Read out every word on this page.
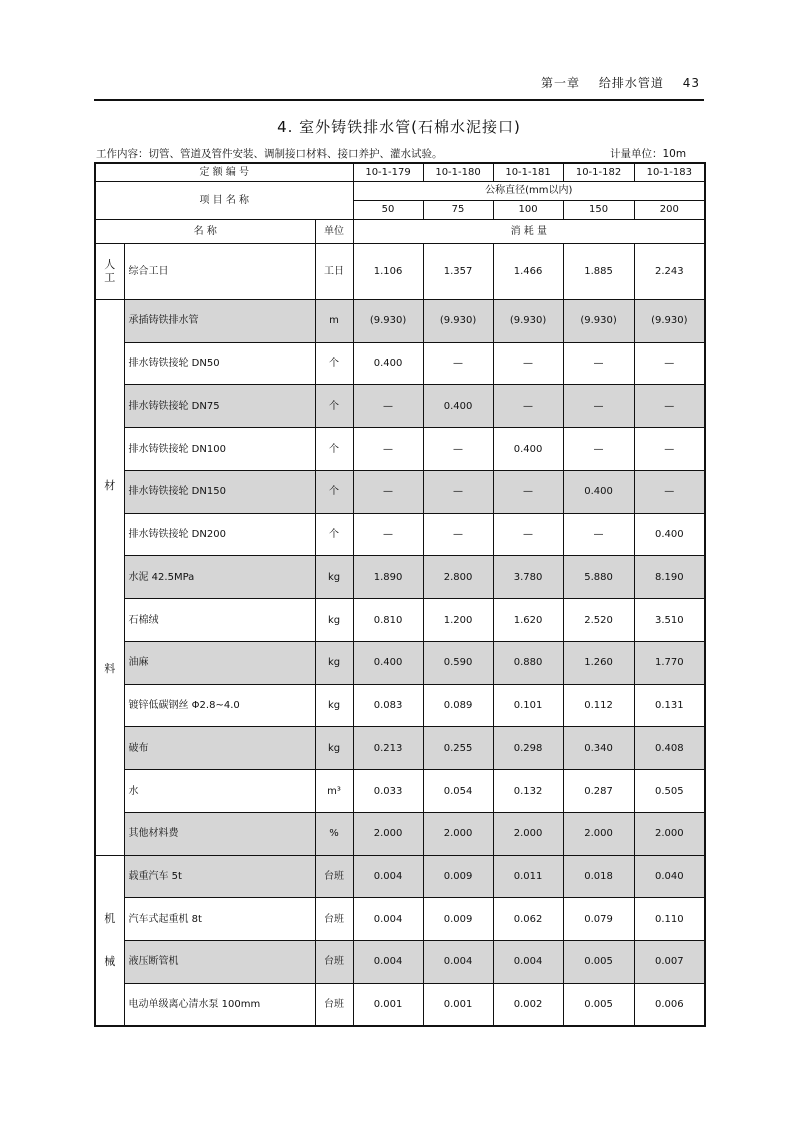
第一章 给排水管道 43
4. 室外铸铁排水管(石棉水泥接口)
工作内容：切管、管道及管件安装、调制接口材料、接口养护、灌水试验。	计量单位：10m
定 额 编 号			10-1-179	10-1-180	10-1-181	10-1-182	10-1-183
项 目 名 称			公称直径(mm以内)				
			50	75	100	150	200
名 称		单位	消 耗 量				

人
工	综合工日	工日	1.106	1.357	1.466	1.885	2.243

材
料	承插铸铁排水管	m	(9.930)	(9.930)	(9.930)	(9.930)	(9.930)
	排水铸铁接轮 DN50	个	0.400	—	—	—	—
	排水铸铁接轮 DN75	个	—	0.400	—	—	—
	排水铸铁接轮 DN100	个	—	—	0.400	—	—
	排水铸铁接轮 DN150	个	—	—	—	0.400	—
	排水铸铁接轮 DN200	个	—	—	—	—	0.400
	水泥 42.5MPa	kg	1.890	2.800	3.780	5.880	8.190
	石棉绒	kg	0.810	1.200	1.620	2.520	3.510
	油麻	kg	0.400	0.590	0.880	1.260	1.770
	镀锌低碳钢丝 Φ2.8~4.0	kg	0.083	0.089	0.101	0.112	0.131
	破布	kg	0.213	0.255	0.298	0.340	0.408
	水	m³	0.033	0.054	0.132	0.287	0.505
	其他材料费	%	2.000	2.000	2.000	2.000	2.000

机
械	载重汽车 5t	台班	0.004	0.009	0.011	0.018	0.040
	汽车式起重机 8t	台班	0.004	0.009	0.062	0.079	0.110
	液压断管机	台班	0.004	0.004	0.004	0.005	0.007
	电动单级离心清水泵 100mm	台班	0.001	0.001	0.002	0.005	0.006
